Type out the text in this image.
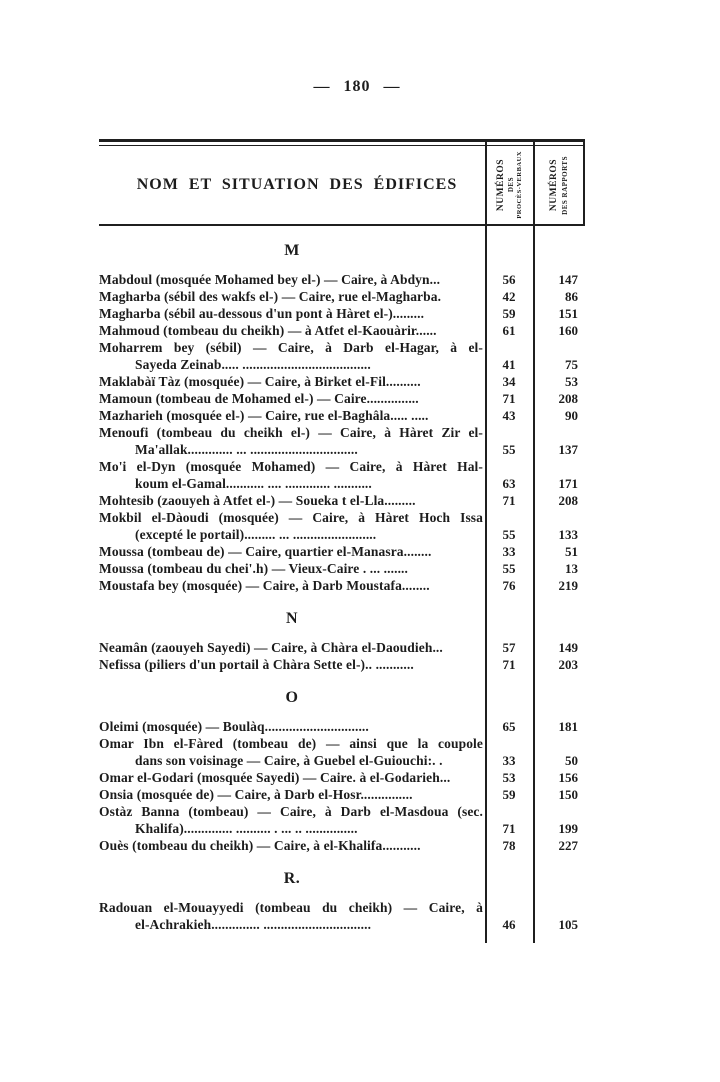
— 180 —
NOM ET SITUATION DES ÉDIFICES	NUMÉROS DES PROCÈS-VERBAUX	NUMÉROS DES RAPPORTS
M
Mabdoul (mosquée Mohamed bey el-) — Caire, à Abdyn...	56	147
Magharba (sébil des wakfs el-) — Caire, rue el-Magharba.	42	86
Magharba (sébil au-dessous d'un pont à Hàret el-).........	59	151
Mahmoud (tombeau du cheikh) — à Atfet el-Kaouàrir......	61	160
Moharrem bey (sébil) — Caire, à Darb el-Hagar, à el-
Sayeda Zeinab..... .....................................	41	75
Maklabàï Tàz (mosquée) — Caire, à Birket el-Fil..........	34	53
Mamoun (tombeau de Mohamed el-) — Caire...............	71	208
Mazharieh (mosquée el-) — Caire, rue el-Baghâla..... .....	43	90
Menoufi (tombeau du cheikh el-) — Caire, à Hàret Zir el-
Ma'allak............. ... ...............................	55	137
Mo'i el-Dyn (mosquée Mohamed) — Caire, à Hàret Hal-
koum el-Gamal........... .... ............. ...........	63	171
Mohtesib (zaouyeh à Atfet el-) — Soueka t el-Lla.........	71	208
Mokbil el-Dàoudi (mosquée) — Caire, à Hàret Hoch Issa
(excepté le portail)......... ... ........................	55	133
Moussa (tombeau de) — Caire, quartier el-Manasra........	33	51
Moussa (tombeau du chei'.h) — Vieux-Caire . ... .......	55	13
Moustafa bey (mosquée) — Caire, à Darb Moustafa........	76	219
N
Neamân (zaouyeh Sayedi) — Caire, à Chàra el-Daoudieh...	57	149
Nefissa (piliers d'un portail à Chàra Sette el-).. ...........	71	203
O
Oleimi (mosquée) — Boulàq..............................	65	181
Omar Ibn el-Fàred (tombeau de) — ainsi que la coupole
dans son voisinage — Caire, à Guebel el-Guiouchi:. .	33	50
Omar el-Godari (mosquée Sayedi) — Caire. à el-Godarieh...	53	156
Onsia (mosquée de) — Caire, à Darb el-Hosr...............	59	150
Ostàz Banna (tombeau) — Caire, à Darb el-Masdoua (sec.
Khalifa).............. .......... . ... .. ...............	71	199
Ouès (tombeau du cheikh) — Caire, à el-Khalifa...........	78	227
R.
Radouan el-Mouayyedi (tombeau du cheikh) — Caire, à
el-Achrakieh.............. ...............................	46	105
